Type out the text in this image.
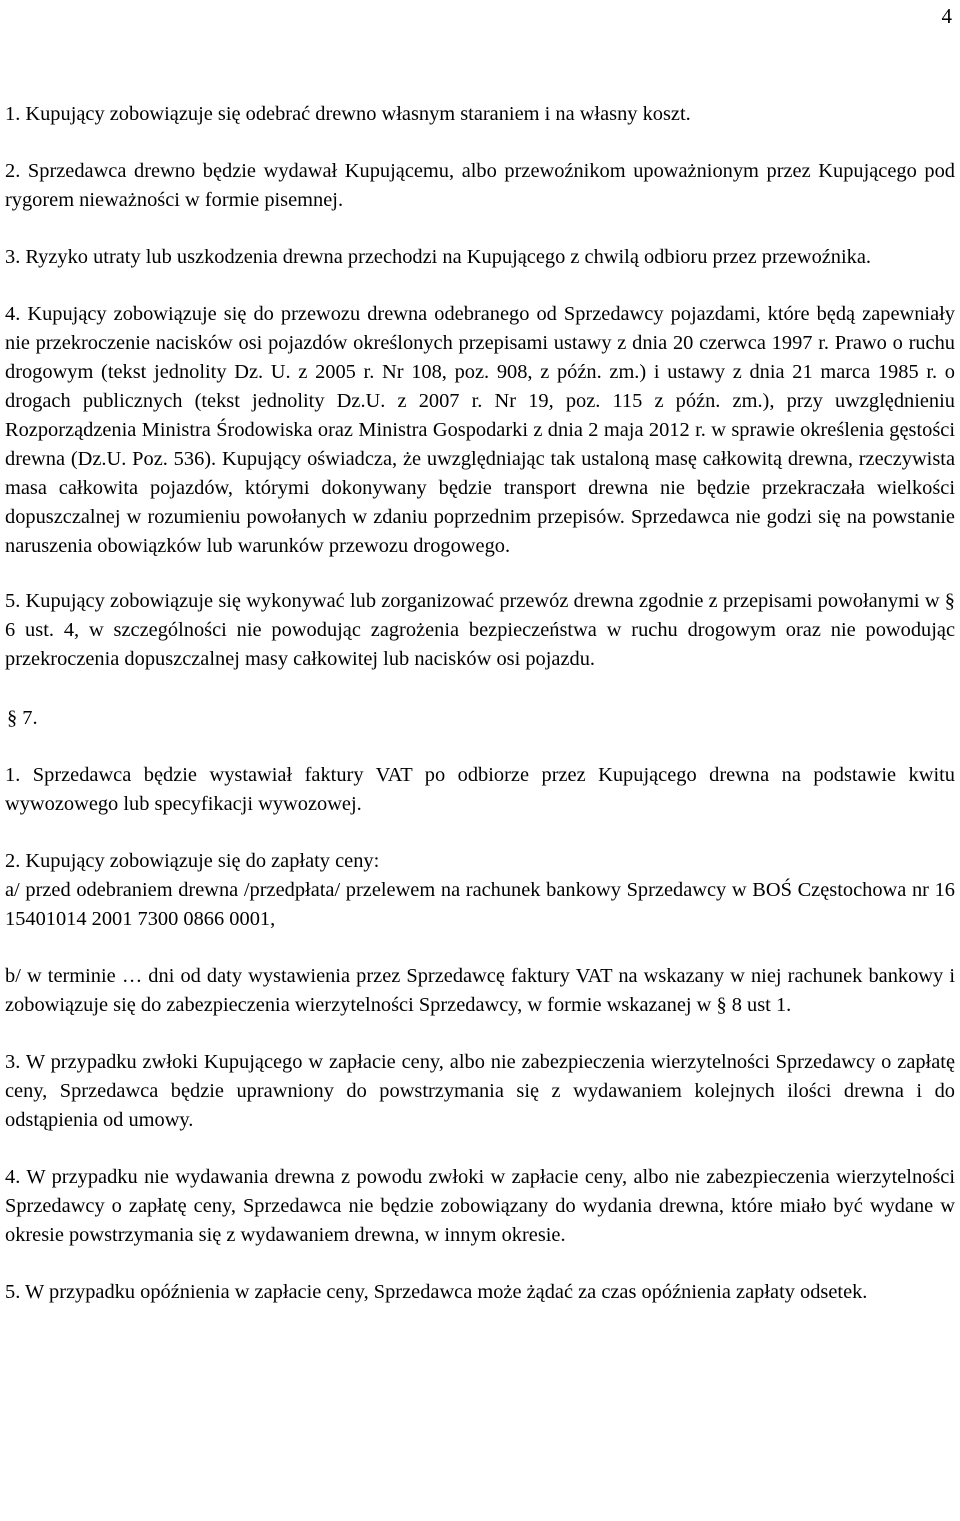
4

1. Kupujący zobowiązuje się odebrać drewno własnym staraniem i na własny koszt.

2. Sprzedawca drewno będzie wydawał Kupującemu, albo przewoźnikom upoważnionym przez Kupującego pod rygorem nieważności w formie pisemnej.

3. Ryzyko utraty lub uszkodzenia drewna przechodzi na Kupującego z chwilą odbioru przez przewoźnika.

4. Kupujący zobowiązuje się do przewozu drewna odebranego od Sprzedawcy pojazdami, które będą zapewniały nie przekroczenie nacisków osi pojazdów określonych przepisami ustawy z dnia 20 czerwca 1997 r. Prawo o ruchu drogowym (tekst jednolity Dz. U. z 2005 r. Nr 108, poz. 908, z późn. zm.) i ustawy z dnia 21 marca 1985 r. o drogach publicznych (tekst jednolity Dz.U. z 2007 r. Nr 19, poz. 115 z późn. zm.), przy uwzględnieniu Rozporządzenia Ministra Środowiska oraz Ministra Gospodarki z dnia 2 maja 2012 r. w sprawie określenia gęstości drewna (Dz.U. Poz. 536). Kupujący oświadcza, że uwzględniając tak ustaloną masę całkowitą drewna, rzeczywista masa całkowita pojazdów, którymi dokonywany będzie transport drewna nie będzie przekraczała wielkości dopuszczalnej w rozumieniu powołanych w zdaniu poprzednim przepisów. Sprzedawca nie godzi się na powstanie naruszenia obowiązków lub warunków przewozu drogowego.

5. Kupujący zobowiązuje się wykonywać lub zorganizować przewóz drewna zgodnie z przepisami powołanymi w § 6 ust. 4, w szczególności nie powodując zagrożenia bezpieczeństwa w ruchu drogowym oraz nie powodując przekroczenia dopuszczalnej masy całkowitej lub nacisków osi pojazdu.

§ 7.

1. Sprzedawca będzie wystawiał faktury VAT po odbiorze przez Kupującego drewna na podstawie kwitu wywozowego lub specyfikacji wywozowej.

2. Kupujący zobowiązuje się do zapłaty ceny:

a/ przed odebraniem drewna /przedpłata/ przelewem na rachunek bankowy Sprzedawcy w BOŚ Częstochowa nr 16 15401014 2001 7300 0866 0001,

b/ w terminie … dni od daty wystawienia przez Sprzedawcę faktury VAT na wskazany w niej rachunek bankowy i zobowiązuje się do zabezpieczenia wierzytelności Sprzedawcy, w formie wskazanej w § 8 ust 1.

3. W przypadku zwłoki Kupującego w zapłacie ceny, albo nie zabezpieczenia wierzytelności Sprzedawcy o zapłatę ceny, Sprzedawca będzie uprawniony do powstrzymania się z wydawaniem kolejnych ilości drewna i do odstąpienia od umowy.

4. W przypadku nie wydawania drewna z powodu zwłoki w zapłacie ceny, albo nie zabezpieczenia wierzytelności Sprzedawcy o zapłatę ceny, Sprzedawca nie będzie zobowiązany do wydania drewna, które miało być wydane w okresie powstrzymania się z wydawaniem drewna, w innym okresie.

5. W przypadku opóźnienia w zapłacie ceny, Sprzedawca może żądać za czas opóźnienia zapłaty odsetek.
